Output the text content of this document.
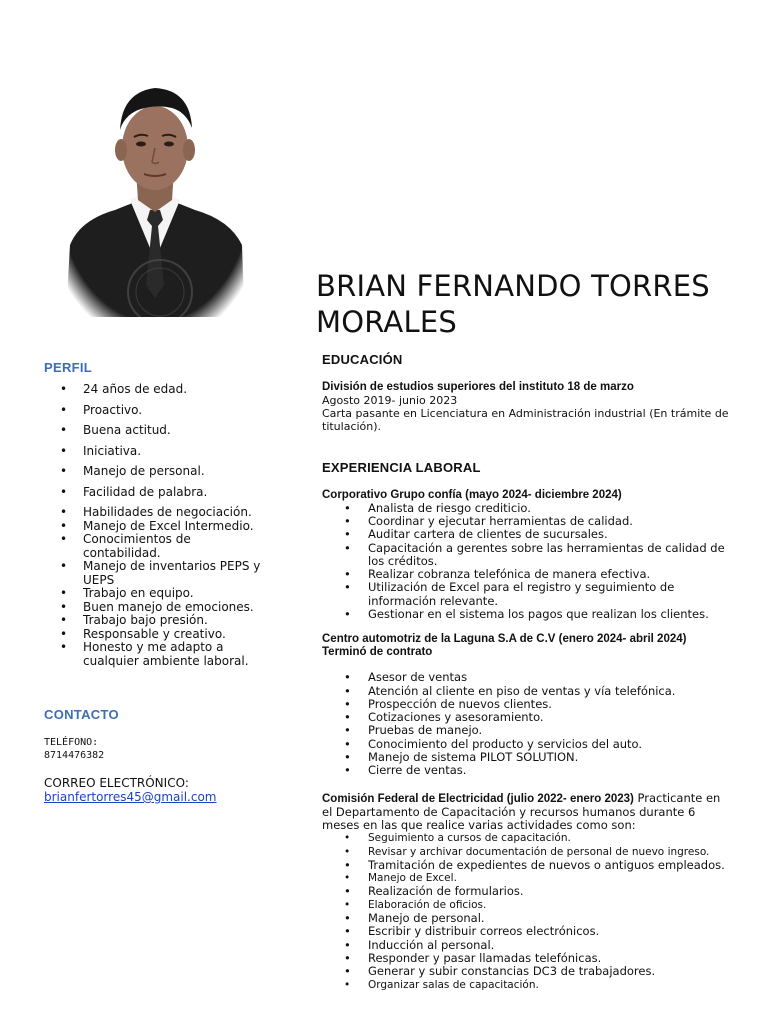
BRIAN FERNANDO TORRES MORALES

PERFIL

• 24 años de edad.
• Proactivo.
• Buena actitud.
• Iniciativa.
• Manejo de personal.
• Facilidad de palabra.
• Habilidades de negociación.
• Manejo de Excel Intermedio.
• Conocimientos de contabilidad.
• Manejo de inventarios PEPS y UEPS
• Trabajo en equipo.
• Buen manejo de emociones.
• Trabajo bajo presión.
• Responsable y creativo.
• Honesto y me adapto a cualquier ambiente laboral.

CONTACTO

TELÉFONO:
8714476382
CORREO ELECTRÓNICO:
brianfertorres45@gmail.com

EDUCACIÓN

División de estudios superiores del instituto 18 de marzo
Agosto 2019- junio 2023
Carta pasante en Licenciatura en Administración industrial (En trámite de titulación).

EXPERIENCIA LABORAL

Corporativo Grupo confía (mayo 2024- diciembre 2024)
• Analista de riesgo crediticio.
• Coordinar y ejecutar herramientas de calidad.
• Auditar cartera de clientes de sucursales.
• Capacitación a gerentes sobre las herramientas de calidad de los créditos.
• Realizar cobranza telefónica de manera efectiva.
• Utilización de Excel para el registro y seguimiento de información relevante.
• Gestionar en el sistema los pagos que realizan los clientes.
Centro automotriz de la Laguna S.A de C.V (enero 2024- abril 2024)
Terminó de contrato
• Asesor de ventas
• Atención al cliente en piso de ventas y vía telefónica.
• Prospección de nuevos clientes.
• Cotizaciones y asesoramiento.
• Pruebas de manejo.
• Conocimiento del producto y servicios del auto.
• Manejo de sistema PILOT SOLUTION.
• Cierre de ventas.
Comisión Federal de Electricidad (julio 2022- enero 2023) Practicante en el Departamento de Capacitación y recursos humanos durante 6 meses en las que realice varias actividades como son:
• Seguimiento a cursos de capacitación.
• Revisar y archivar documentación de personal de nuevo ingreso.
• Tramitación de expedientes de nuevos o antiguos empleados.
• Manejo de Excel.
• Realización de formularios.
• Elaboración de oficios.
• Manejo de personal.
• Escribir y distribuir correos electrónicos.
• Inducción al personal.
• Responder y pasar llamadas telefónicas.
• Generar y subir constancias DC3 de trabajadores.
• Organizar salas de capacitación.
